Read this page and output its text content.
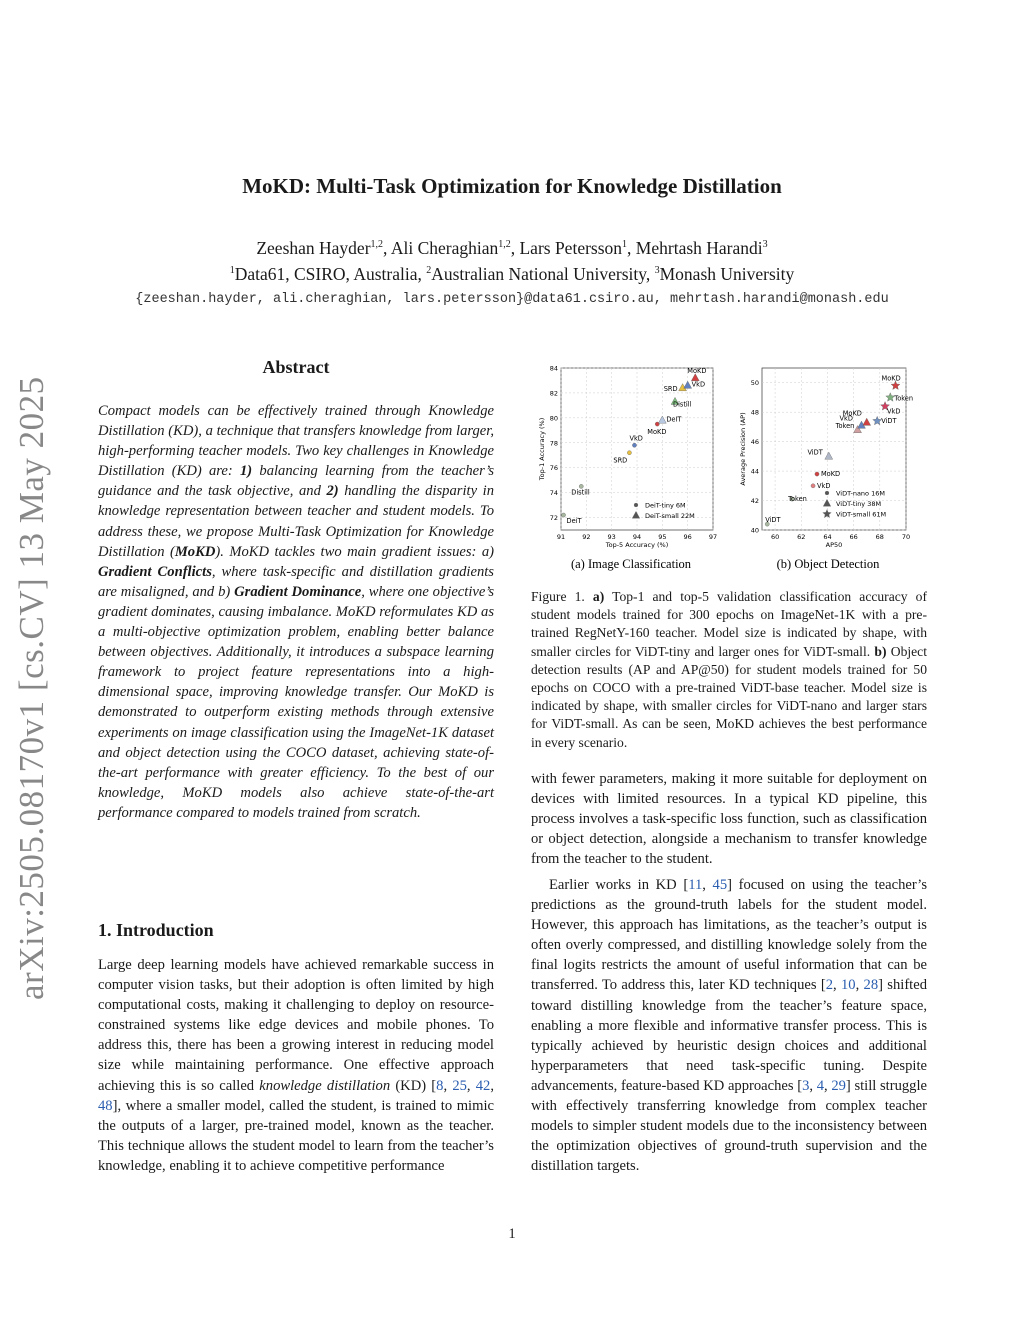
arXiv:2505.08170v1 [cs.CV] 13 May 2025
MoKD: Multi-Task Optimization for Knowledge Distillation
Zeeshan Hayder$^{1,2}$, Ali Cheraghian$^{1,2}$, Lars Petersson$^1$, Mehrtash Harandi$^3$
$^1$Data61, CSIRO, Australia, $^2$Australian National University, $^3$Monash University
{zeeshan.hayder, ali.cheraghian, lars.petersson}@data61.csiro.au, mehrtash.harandi@monash.edu
Abstract
Compact models can be effectively trained through Knowledge Distillation (KD), a technique that transfers knowledge from larger, high-performing teacher models. Two key challenges in Knowledge Distillation (KD) are: 1) balancing learning from the teacher’s guidance and the task objective, and 2) handling the disparity in knowledge representation between teacher and student models. To address these, we propose Multi-Task Optimization for Knowledge Distillation (MoKD). MoKD tackles two main gradient issues: a) Gradient Conflicts, where task-specific and distillation gradients are misaligned, and b) Gradient Dominance, where one objective’s gradient dominates, causing imbalance. MoKD reformulates KD as a multi-objective optimization problem, enabling better balance between objectives. Additionally, it introduces a subspace learning framework to project feature representations into a high-dimensional space, improving knowledge transfer. Our MoKD is demonstrated to outperform existing methods through extensive experiments on image classification using the ImageNet-1K dataset and object detection using the COCO dataset, achieving state-of-the-art performance with greater efficiency. To the best of our knowledge, MoKD models also achieve state-of-the-art performance compared to models trained from scratch.
1. Introduction
Large deep learning models have achieved remarkable success in computer vision tasks, but their adoption is often limited by high computational costs, making it challenging to deploy on resource-constrained systems like edge devices and mobile phones. To address this, there has been a growing interest in reducing model size while maintaining performance. One effective approach achieving this is so called knowledge distillation (KD) [8, 25, 42, 48], where a smaller model, called the student, is trained to mimic the outputs of a larger, pre-trained model, known as the teacher. This technique allows the student model to learn from the teacher’s knowledge, enabling it to achieve competitive performance
91	92	93	94	95	96	97
72
74
76
78
80
82
84
Top-5 Accuracy (%)
Top-1 Accuracy (%)
DeiT
Distill
SRD
VkD
MoKD
DeIT
Distill
SRD
VkD
MoKD
DeiT-tiny 6M
DeiT-small 22M
60	62	64	66	68	70
40
42
44
46
48
50
AP50
Average Precision (AP)
ViDT
Token
VkD
MoKD
ViDT
Token
VkD
MoKD
ViDT
VkD
Token
MoKD
ViDT-nano 16M
ViDT-tiny 38M
ViDT-small 61M
(a) Image Classification	(b) Object Detection
Figure 1. a) Top-1 and top-5 validation classification accuracy of student models trained for 300 epochs on ImageNet-1K with a pre-trained RegNetY-160 teacher. Model size is indicated by shape, with smaller circles for ViDT-tiny and larger ones for ViDT-small. b) Object detection results (AP and AP@50) for student models trained for 50 epochs on COCO with a pre-trained ViDT-base teacher. Model size is indicated by shape, with smaller circles for ViDT-nano and larger stars for ViDT-small. As can be seen, MoKD achieves the best performance in every scenario.
with fewer parameters, making it more suitable for deployment on devices with limited resources. In a typical KD pipeline, this process involves a task-specific loss function, such as classification or object detection, alongside a mechanism to transfer knowledge from the teacher to the student.
Earlier works in KD [11, 45] focused on using the teacher’s predictions as the ground-truth labels for the student model. However, this approach has limitations, as the teacher’s output is often overly compressed, and distilling knowledge solely from the final logits restricts the amount of useful information that can be transferred. To address this, later KD techniques [2, 10, 28] shifted toward distilling knowledge from the teacher’s feature space, enabling a more flexible and informative transfer process. This is typically achieved by heuristic design choices and additional hyperparameters that need task-specific tuning. Despite advancements, feature-based KD approaches [3, 4, 29] still struggle with effectively transferring knowledge from complex teacher models to simpler student models due to the inconsistency between the optimization objectives of ground-truth supervision and the distillation targets.
1
